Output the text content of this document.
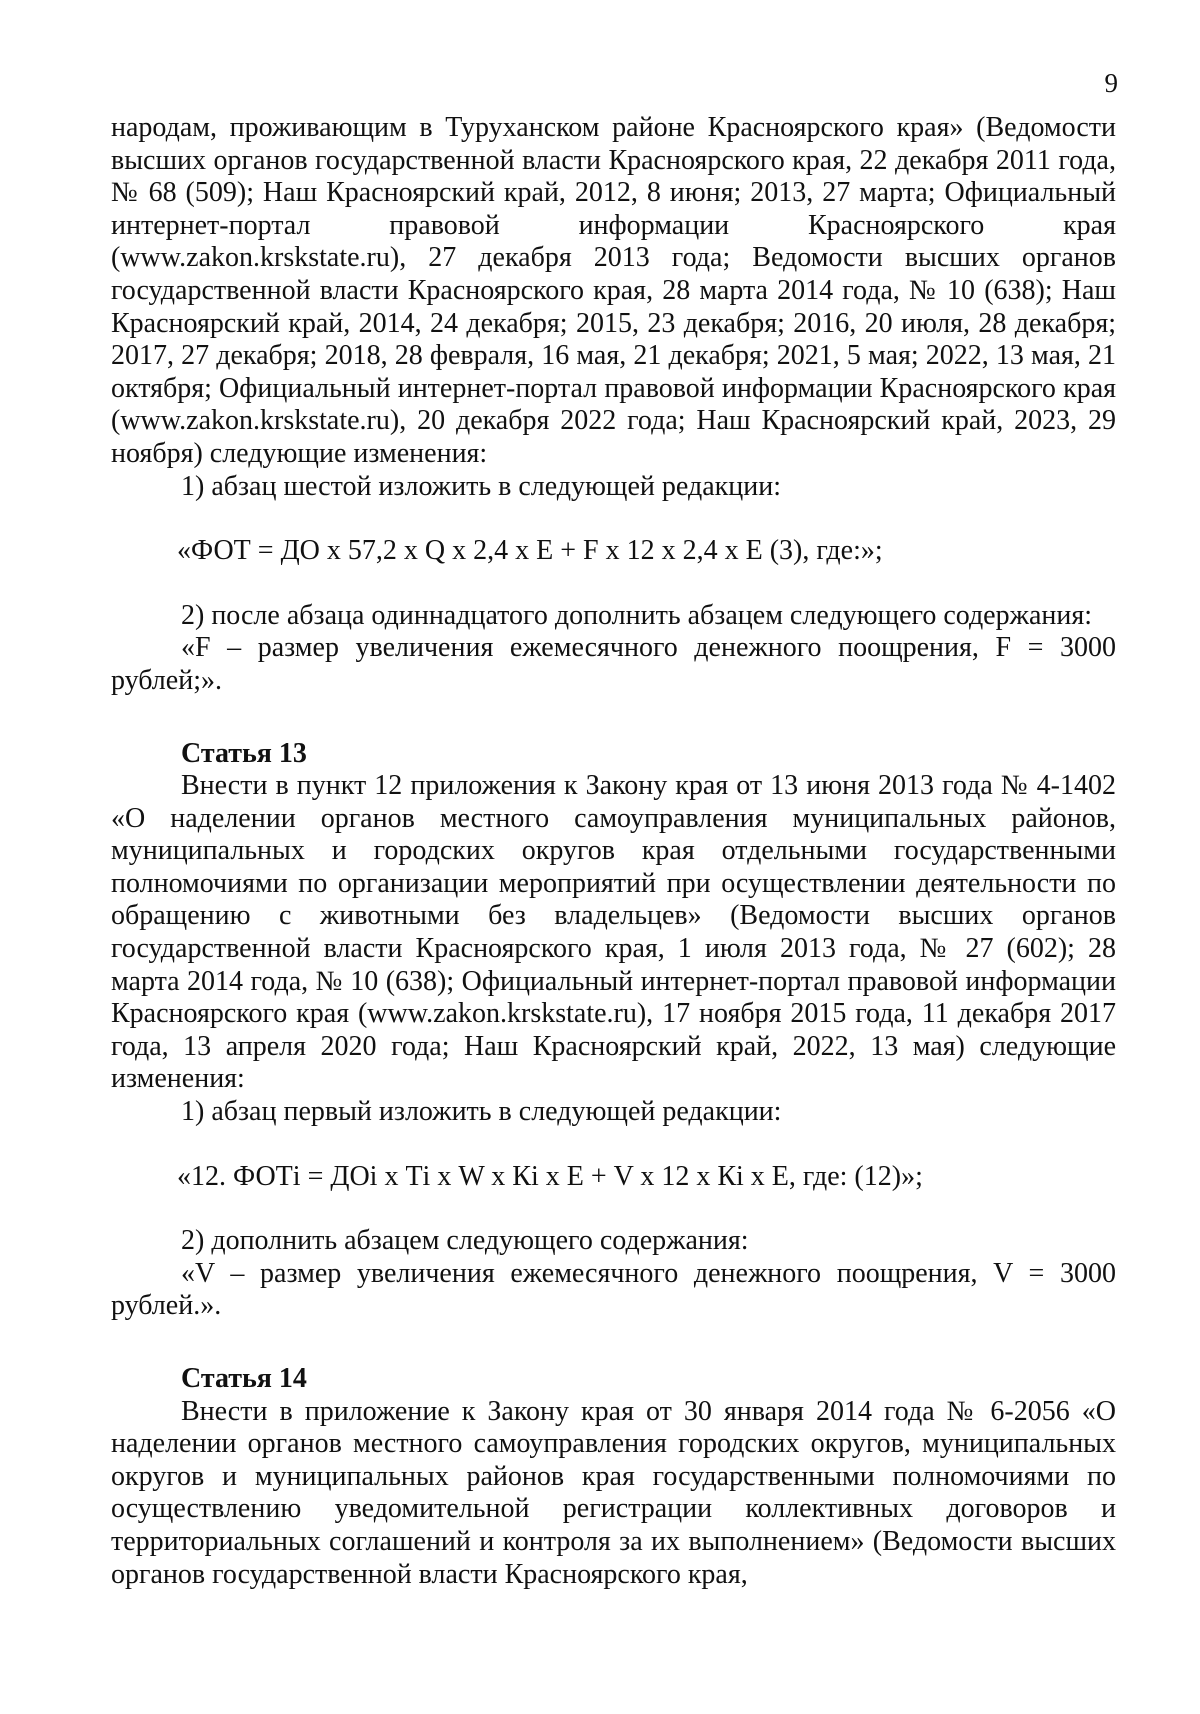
9

народам, проживающим в Туруханском районе Красноярского края» (Ведомости высших органов государственной власти Красноярского края, 22 декабря 2011 года, № 68 (509); Наш Красноярский край, 2012, 8 июня; 2013, 27 марта; Официальный интернет-портал правовой информации Красноярского края (www.zakon.krskstate.ru), 27 декабря 2013 года; Ведомости высших органов государственной власти Красноярского края, 28 марта 2014 года, № 10 (638); Наш Красноярский край, 2014, 24 декабря; 2015, 23 декабря; 2016, 20 июля, 28 декабря; 2017, 27 декабря; 2018, 28 февраля, 16 мая, 21 декабря; 2021, 5 мая; 2022, 13 мая, 21 октября; Официальный интернет-портал правовой информации Красноярского края (www.zakon.krskstate.ru), 20 декабря 2022 года; Наш Красноярский край, 2023, 29 ноября) следующие изменения:

1) абзац шестой изложить в следующей редакции:

«ФОТ = ДО х 57,2 х Q х 2,4 х Е + F х 12 х 2,4 х Е (3), где:»;

2) после абзаца одиннадцатого дополнить абзацем следующего содержания:

«F – размер увеличения ежемесячного денежного поощрения, F = 3000 рублей;».

Статья 13

Внести в пункт 12 приложения к Закону края от 13 июня 2013 года № 4-1402 «О наделении органов местного самоуправления муниципальных районов, муниципальных и городских округов края отдельными государственными полномочиями по организации мероприятий при осуществлении деятельности по обращению с животными без владельцев» (Ведомости высших органов государственной власти Красноярского края, 1 июля 2013 года, № 27 (602); 28 марта 2014 года, № 10 (638); Официальный интернет-портал правовой информации Красноярского края (www.zakon.krskstate.ru), 17 ноября 2015 года, 11 декабря 2017 года, 13 апреля 2020 года; Наш Красноярский край, 2022, 13 мая) следующие изменения:

1) абзац первый изложить в следующей редакции:

«12. ФОТi = ДОi х Тi х W х Кi х Е + V х 12 х Кi х Е, где: (12)»;

2) дополнить абзацем следующего содержания:

«V – размер увеличения ежемесячного денежного поощрения, V = 3000 рублей.».

Статья 14

Внести в приложение к Закону края от 30 января 2014 года № 6-2056 «О наделении органов местного самоуправления городских округов, муниципальных округов и муниципальных районов края государственными полномочиями по осуществлению уведомительной регистрации коллективных договоров и территориальных соглашений и контроля за их выполнением» (Ведомости высших органов государственной власти Красноярского края,
